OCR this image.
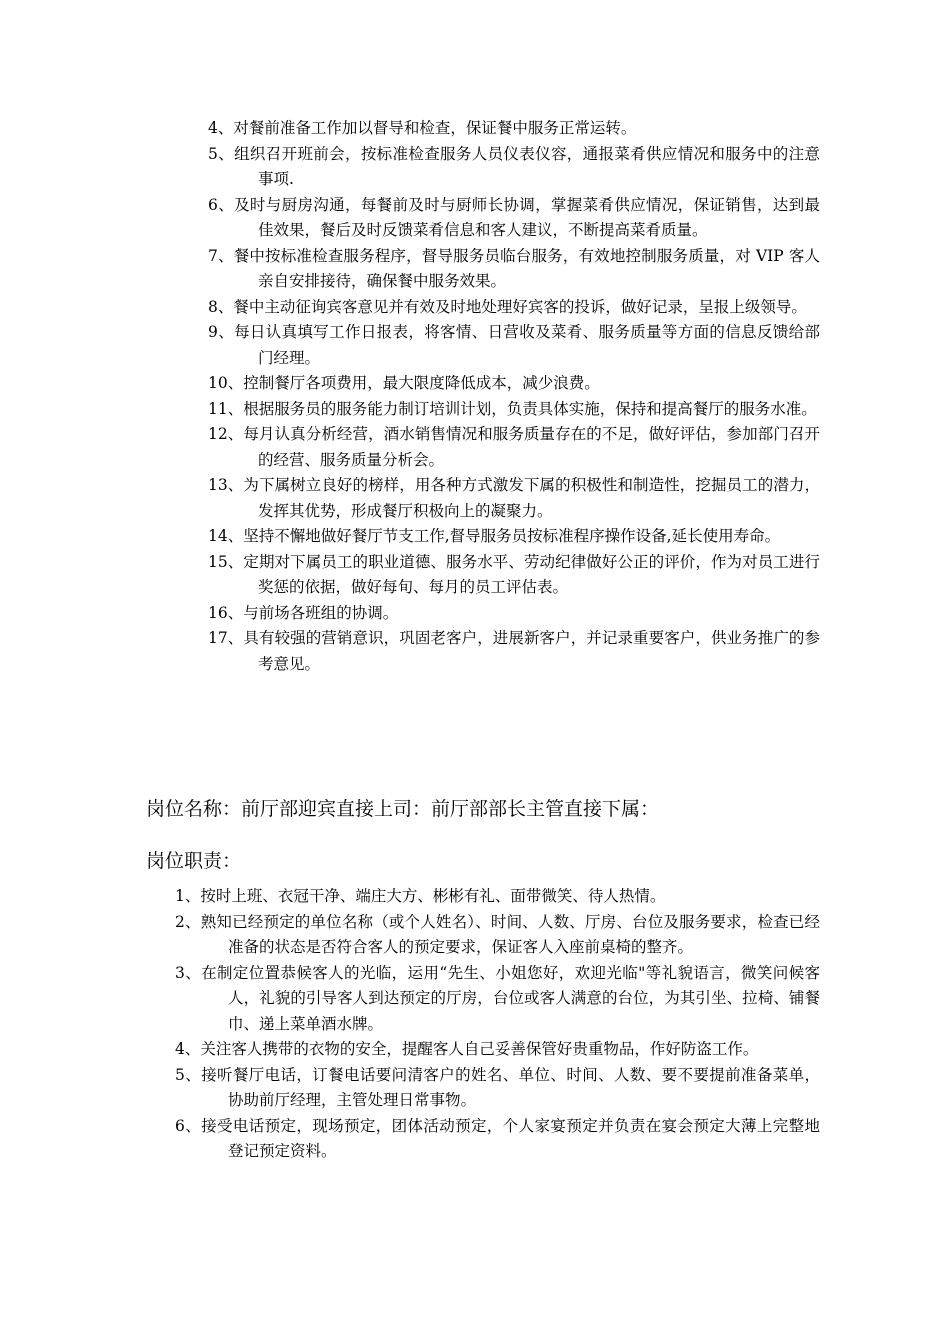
4、对餐前准备工作加以督导和检查，保证餐中服务正常运转。
5、组织召开班前会，按标准检查服务人员仪表仪容，通报菜肴供应情况和服务中的注意事项.
6、及时与厨房沟通，每餐前及时与厨师长协调，掌握菜肴供应情况，保证销售，达到最佳效果，餐后及时反馈菜肴信息和客人建议，不断提高菜肴质量。
7、餐中按标准检查服务程序，督导服务员临台服务，有效地控制服务质量，对 VIP 客人亲自安排接待，确保餐中服务效果。
8、餐中主动征询宾客意见并有效及时地处理好宾客的投诉，做好记录，呈报上级领导。
9、每日认真填写工作日报表，将客情、日营收及菜肴、服务质量等方面的信息反馈给部门经理。
10、控制餐厅各项费用，最大限度降低成本，减少浪费。
11、根据服务员的服务能力制订培训计划，负责具体实施，保持和提高餐厅的服务水准。
12、每月认真分析经营，酒水销售情况和服务质量存在的不足，做好评估，参加部门召开的经营、服务质量分析会。
13、为下属树立良好的榜样，用各种方式激发下属的积极性和制造性，挖掘员工的潜力，发挥其优势，形成餐厅积极向上的凝聚力。
14、坚持不懈地做好餐厅节支工作,督导服务员按标准程序操作设备,延长使用寿命。
15、定期对下属员工的职业道德、服务水平、劳动纪律做好公正的评价，作为对员工进行奖惩的依据，做好每旬、每月的员工评估表。
16、与前场各班组的协调。
17、具有较强的营销意识，巩固老客户，进展新客户，并记录重要客户，供业务推广的参考意见。

岗位名称：前厅部迎宾直接上司：前厅部部长主管直接下属：

岗位职责：

1、按时上班、衣冠干净、端庄大方、彬彬有礼、面带微笑、待人热情。
2、熟知已经预定的单位名称（或个人姓名）、时间、人数、厅房、台位及服务要求，检查已经准备的状态是否符合客人的预定要求，保证客人入座前桌椅的整齐。
3、在制定位置恭候客人的光临，运用“先生、小姐您好，欢迎光临"等礼貌语言，微笑问候客人，礼貌的引导客人到达预定的厅房，台位或客人满意的台位，为其引坐、拉椅、铺餐巾、递上菜单酒水牌。
4、关注客人携带的衣物的安全，提醒客人自己妥善保管好贵重物品，作好防盗工作。
5、接听餐厅电话，订餐电话要问清客户的姓名、单位、时间、人数、要不要提前准备菜单，协助前厅经理，主管处理日常事物。
6、接受电话预定，现场预定，团体活动预定，个人家宴预定并负责在宴会预定大薄上完整地登记预定资料。
